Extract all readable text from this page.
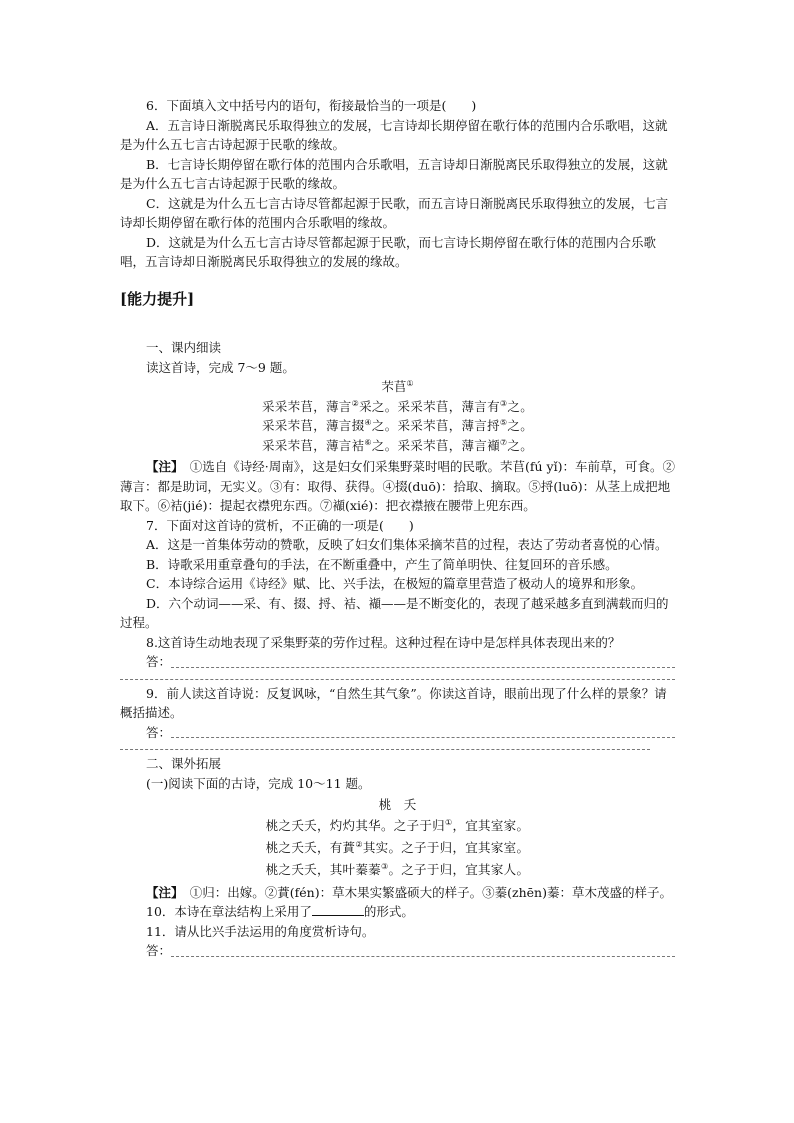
6．下面填入文中括号内的语句，衔接最恰当的一项是(　　)

A．五言诗日渐脱离民乐取得独立的发展，七言诗却长期停留在歌行体的范围内合乐歌唱，这就是为什么五七言古诗起源于民歌的缘故。

B．七言诗长期停留在歌行体的范围内合乐歌唱，五言诗却日渐脱离民乐取得独立的发展，这就是为什么五七言古诗起源于民歌的缘故。

C．这就是为什么五七言古诗尽管都起源于民歌，而五言诗日渐脱离民乐取得独立的发展，七言诗却长期停留在歌行体的范围内合乐歌唱的缘故。

D．这就是为什么五七言古诗尽管都起源于民歌，而七言诗长期停留在歌行体的范围内合乐歌唱，五言诗却日渐脱离民乐取得独立的发展的缘故。

[能力提升]

一、课内细读

读这首诗，完成 7～9 题。

芣苢①

采采芣苢，薄言②采之。采采芣苢，薄言有③之。

采采芣苢，薄言掇④之。采采芣苢，薄言捋⑤之。

采采芣苢，薄言袺⑥之。采采芣苢，薄言襭⑦之。

【注】　 ①选自《诗经·周南》，这是妇女们采集野菜时唱的民歌。芣苢(fú yǐ)：车前草，可食。②薄言：都是助词，无实义。③有：取得、获得。④掇(duō)：拾取、摘取。⑤捋(luō)：从茎上成把地取下。⑥袺(jié)：提起衣襟兜东西。⑦襭(xié)：把衣襟掖在腰带上兜东西。

7．下面对这首诗的赏析，不正确的一项是(　　)

A．这是一首集体劳动的赞歌，反映了妇女们集体采摘芣苢的过程，表达了劳动者喜悦的心情。

B．诗歌采用重章叠句的手法，在不断重叠中，产生了简单明快、往复回环的音乐感。

C．本诗综合运用《诗经》赋、比、兴手法，在极短的篇章里营造了极动人的境界和形象。

D．六个动词——采、有、掇、捋、袺、襭——是不断变化的，表现了越采越多直到满载而归的过程。

8.这首诗生动地表现了采集野菜的劳作过程。这种过程在诗中是怎样具体表现出来的？

答：

9．前人读这首诗说：反复讽咏，“自然生其气象”。你读这首诗，眼前出现了什么样的景象？请概括描述。

答：

二、课外拓展

(一)阅读下面的古诗，完成 10～11 题。

桃　夭

桃之夭夭，灼灼其华。之子于归①，宜其室家。

桃之夭夭，有蕡②其实。之子于归，宜其家室。

桃之夭夭，其叶蓁蓁③。之子于归，宜其家人。

【注】　 ①归：出嫁。②蕡(fén)：草木果实繁盛硕大的样子。③蓁(zhēn)蓁：草木茂盛的样子。

10．本诗在章法结构上采用了	的形式。

11．请从比兴手法运用的角度赏析诗句。

答：
